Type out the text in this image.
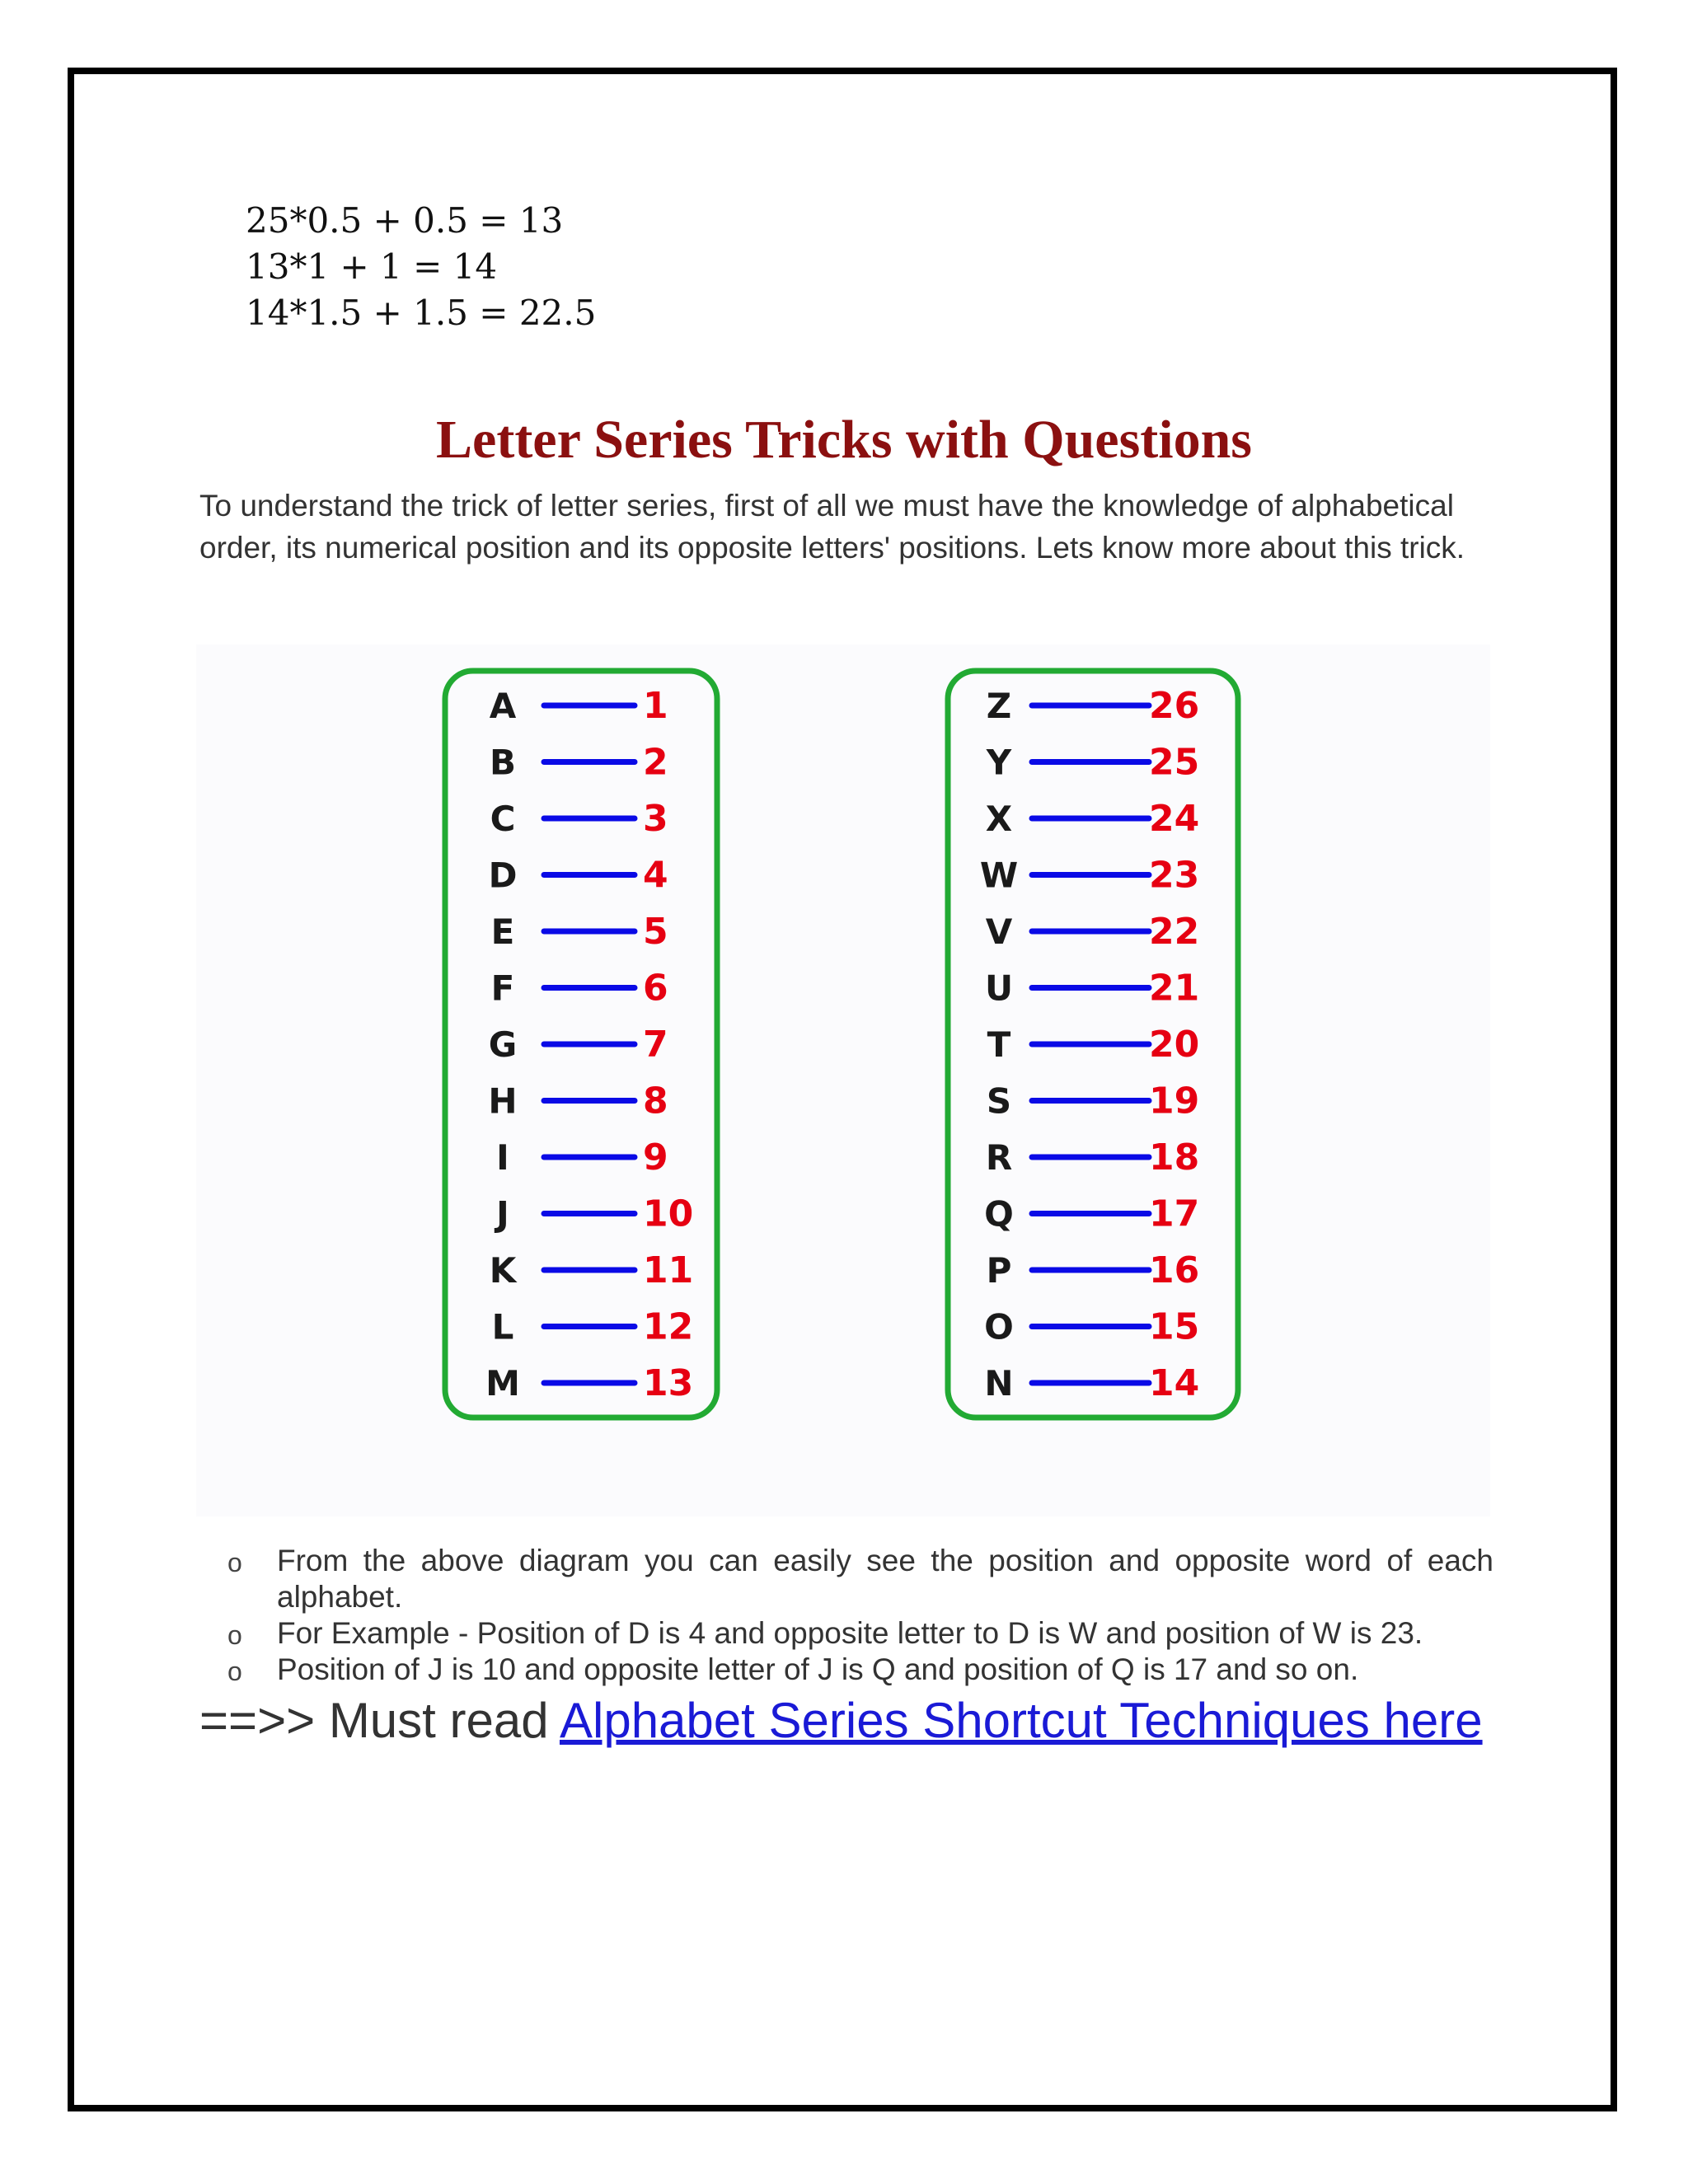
25*0.5 + 0.5 = 13
13*1 + 1 = 14
14*1.5 + 1.5 = 22.5
Letter Series Tricks with Questions
To understand the trick of letter series, first of all we must have the knowledge of alphabetical order, its numerical position and its opposite letters' positions. Lets know more about this trick.
A	1
B	2
C	3
D	4
E	5
F	6
G	7
H	8
I	9
J	10
K	11
L	12
M	13
Z	26
Y	25
X	24
W	23
V	22
U	21
T	20
S	19
R	18
Q	17
P	16
O	15
N	14
o From the above diagram you can easily see the position and opposite word of each alphabet.
o For Example - Position of D is 4 and opposite letter to D is W and position of W is 23.
o Position of J is 10 and opposite letter of J is Q and position of Q is 17 and so on.
==>> Must read Alphabet Series Shortcut Techniques here
